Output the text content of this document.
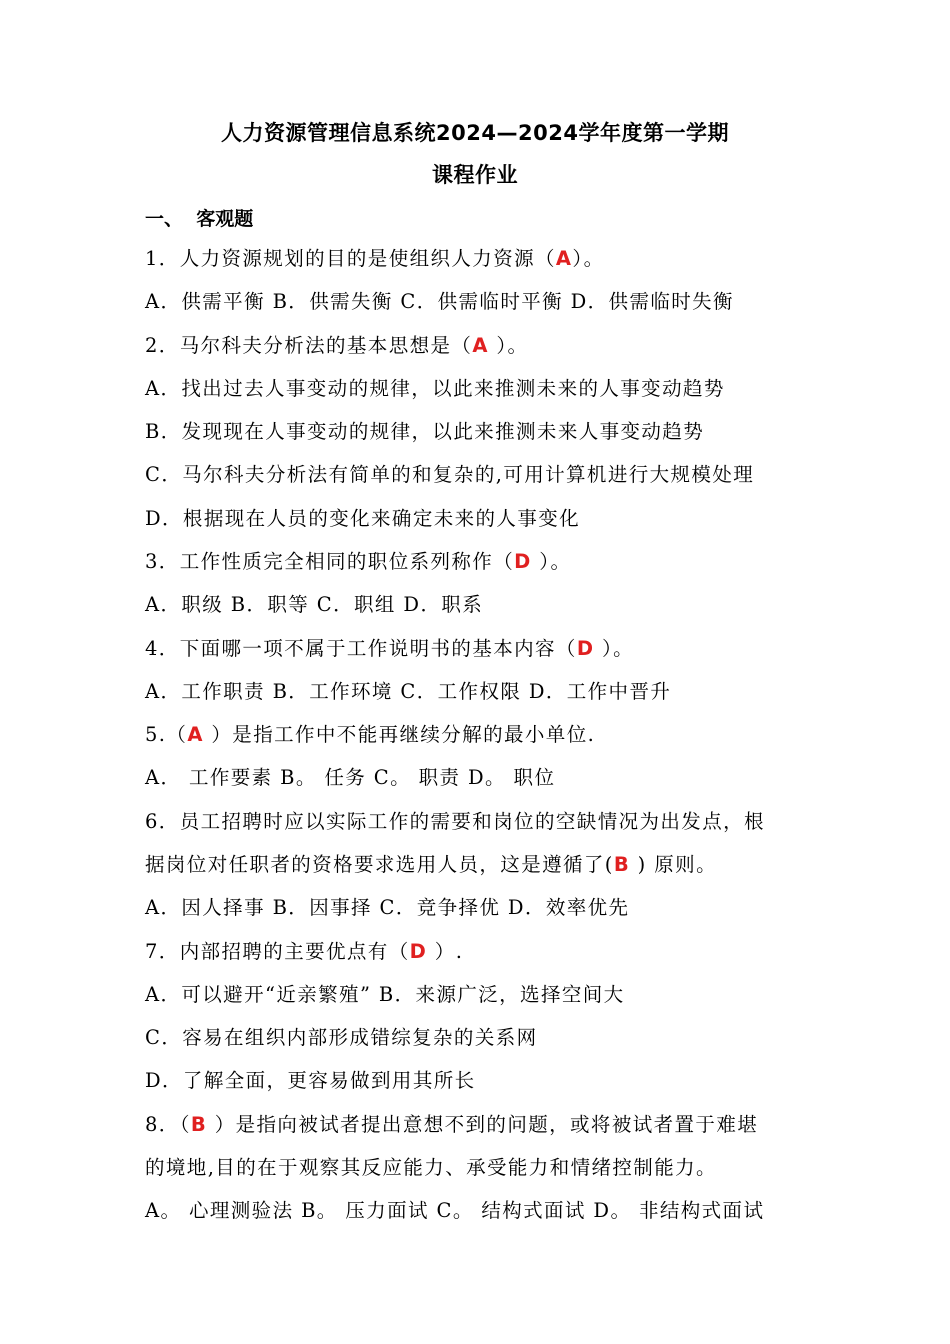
人力资源管理信息系统2024—2024学年度第一学期
课程作业
一、  客观题
1．人力资源规划的目的是使组织人力资源（A）。
A．供需平衡 B．供需失衡 C．供需临时平衡 D．供需临时失衡
2．马尔科夫分析法的基本思想是（A ）。
A．找出过去人事变动的规律，以此来推测未来的人事变动趋势
B．发现现在人事变动的规律，以此来推测未来人事变动趋势
C．马尔科夫分析法有简单的和复杂的,可用计算机进行大规模处理
D．根据现在人员的变化来确定未来的人事变化
3．工作性质完全相同的职位系列称作（D ）。
A．职级 B．职等 C．职组 D．职系
4．下面哪一项不属于工作说明书的基本内容（D ）。
A．工作职责 B．工作环境 C．工作权限 D．工作中晋升
5.（A ）是指工作中不能再继续分解的最小单位.
A． 工作要素 B。 任务 C。 职责 D。 职位
6．员工招聘时应以实际工作的需要和岗位的空缺情况为出发点，根
据岗位对任职者的资格要求选用人员，这是遵循了(B ) 原则。
A．因人择事 B．因事择 C．竞争择优 D．效率优先
7．内部招聘的主要优点有（D ）.
A．可以避开“近亲繁殖” B．来源广泛，选择空间大
C．容易在组织内部形成错综复杂的关系网
D．了解全面，更容易做到用其所长
8．（B ）是指向被试者提出意想不到的问题，或将被试者置于难堪
的境地,目的在于观察其反应能力、承受能力和情绪控制能力。
A。 心理测验法 B。 压力面试 C。 结构式面试 D。 非结构式面试
